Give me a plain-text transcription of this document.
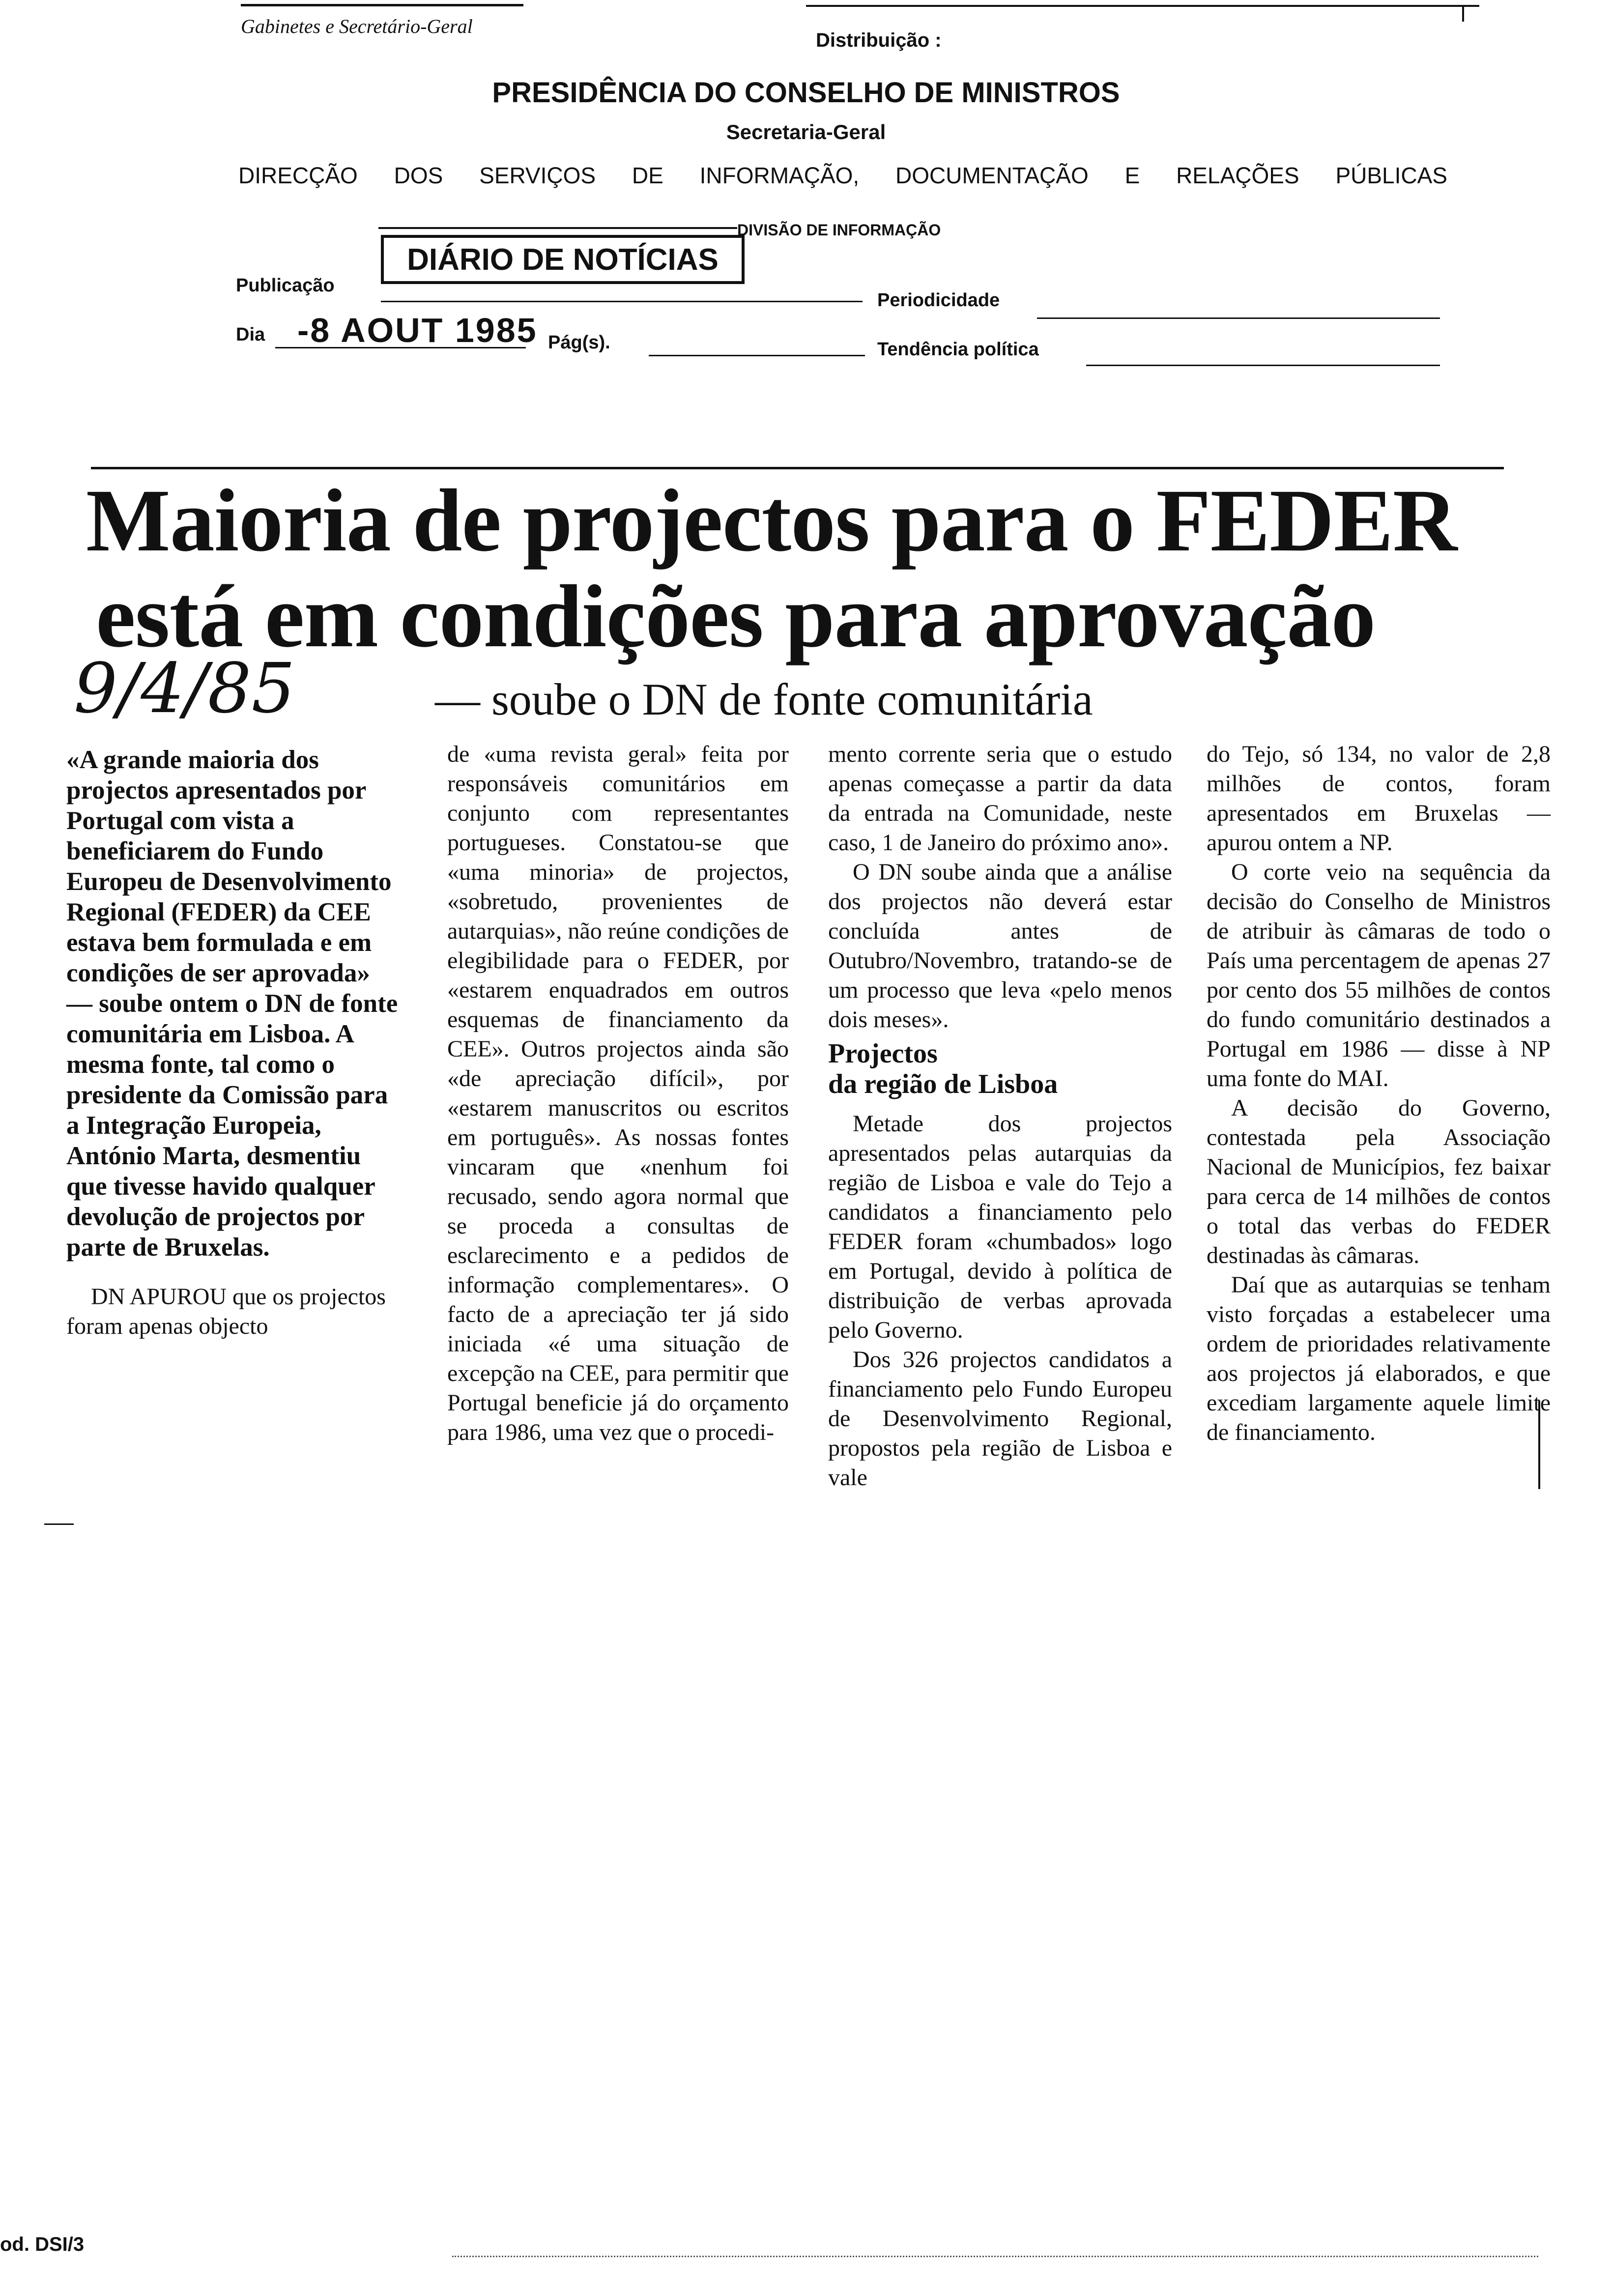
Gabinetes e Secretário-Geral
Distribuição :
PRESIDÊNCIA DO CONSELHO DE MINISTROS
Secretaria-Geral
DIRECÇÃO DOS SERVIÇOS DE INFORMAÇÃO, DOCUMENTAÇÃO E RELAÇÕES PÚBLICAS
DIVISÃO DE INFORMAÇÃO
DIÁRIO DE NOTÍCIAS
Publicação
Periodicidade
Dia -8 AOUT 1985 Pág(s).	Tendência política
Maioria de projectos para o FEDER
está em condições para aprovação
9/4/85	— soube o DN de fonte comunitária

«A grande maioria dos projectos apresentados por Portugal com vista a beneficiarem do Fundo Europeu de Desenvolvimento Regional (FEDER) da CEE estava bem formulada e em condições de ser aprovada» — soube ontem o DN de fonte comunitária em Lisboa. A mesma fonte, tal como o presidente da Comissão para a Integração Europeia, António Marta, desmentiu que tivesse havido qualquer devolução de projectos por parte de Bruxelas.

DN APUROU que os projectos foram apenas objecto

de «uma revista geral» feita por responsáveis comunitários em conjunto com representantes portugueses. Constatou-se que «uma minoria» de projectos, «sobretudo, provenientes de autarquias», não reúne condições de elegibilidade para o FEDER, por «estarem enquadrados em outros esquemas de financiamento da CEE». Outros projectos ainda são «de apreciação difícil», por «estarem manuscritos ou escritos em português». As nossas fontes vincaram que «nenhum foi recusado, sendo agora normal que se proceda a consultas de esclarecimento e a pedidos de informação complementares». O facto de a apreciação ter já sido iniciada «é uma situação de excepção na CEE, para permitir que Portugal beneficie já do orçamento para 1986, uma vez que o procedi-

mento corrente seria que o estudo apenas começasse a partir da data da entrada na Comunidade, neste caso, 1 de Janeiro do próximo ano».

O DN soube ainda que a análise dos projectos não deverá estar concluída antes de Outubro/Novembro, tratando-se de um processo que leva «pelo menos dois meses».

Projectos
da região de Lisboa

Metade dos projectos apresentados pelas autarquias da região de Lisboa e vale do Tejo a candidatos a financiamento pelo FEDER foram «chumbados» logo em Portugal, devido à política de distribuição de verbas aprovada pelo Governo.

Dos 326 projectos candidatos a financiamento pelo Fundo Europeu de Desenvolvimento Regional, propostos pela região de Lisboa e vale

do Tejo, só 134, no valor de 2,8 milhões de contos, foram apresentados em Bruxelas — apurou ontem a NP.

O corte veio na sequência da decisão do Conselho de Ministros de atribuir às câmaras de todo o País uma percentagem de apenas 27 por cento dos 55 milhões de contos do fundo comunitário destinados a Portugal em 1986 — disse à NP uma fonte do MAI.

A decisão do Governo, contestada pela Associação Nacional de Municípios, fez baixar para cerca de 14 milhões de contos o total das verbas do FEDER destinadas às câmaras.

Daí que as autarquias se tenham visto forçadas a estabelecer uma ordem de prioridades relativamente aos projectos já elaborados, e que excediam largamente aquele limite de financiamento.

od. DSI/3
